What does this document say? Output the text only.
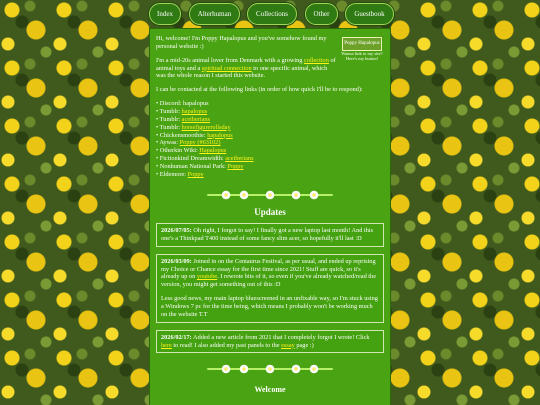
Index	Alterhuman	Collections	Other	Guestbook
Poppy Hapalopus
Wanna link to my site? Here's my button!

Hi, welcome! I'm Poppy Hapalopus and you've somehow found my personal website :)

I'm a mid-20s animal lover from Denmark with a growing collection of animal toys and a spiritual connection to one specific animal, which was the whole reason I started this website.

I can be contacted at the following links (in order of how quick I'll be to respond):

• Discord: hapalopus
• Tumblr: hapalopus
• Tumblr: aceiberians
• Tumblr: horsefigurerollsday
• Chickensmoothie: hapalopus
• Aywas: Poppy (#63102)
• Otherkin Wiki: Hapalopus
• Fictionkind Dreamwidth: aceiberians
• Nonhuman National Park: Poppy
• Eldemore: Poppy
Updates
2026/07/05: Oh right, I forgot to say! I finally got a new laptop last month! And this one's a Thinkpad T400 instead of some fancy slim acer, so hopefully it'll last :D
2026/03/09: Joined in on the Centaurus Festival, as per usual, and ended up reprising my Choice or Chance essay for the first time since 2021! Stuff are quick, so it's already up on youtube. I rewrote bits of it, so even if you've already watched/read the version, you might get something out of this :D
Less good news, my main laptop bluescreened in an unfixable way, so I'm stuck using a Windows 7 pc for the time being, which means I probably won't be working much on the website T.T
2026/02/17: Added a new article from 2021 that I completely forgot I wrote! Click here to read! I also added my past panels to the essay page :)
Welcome
